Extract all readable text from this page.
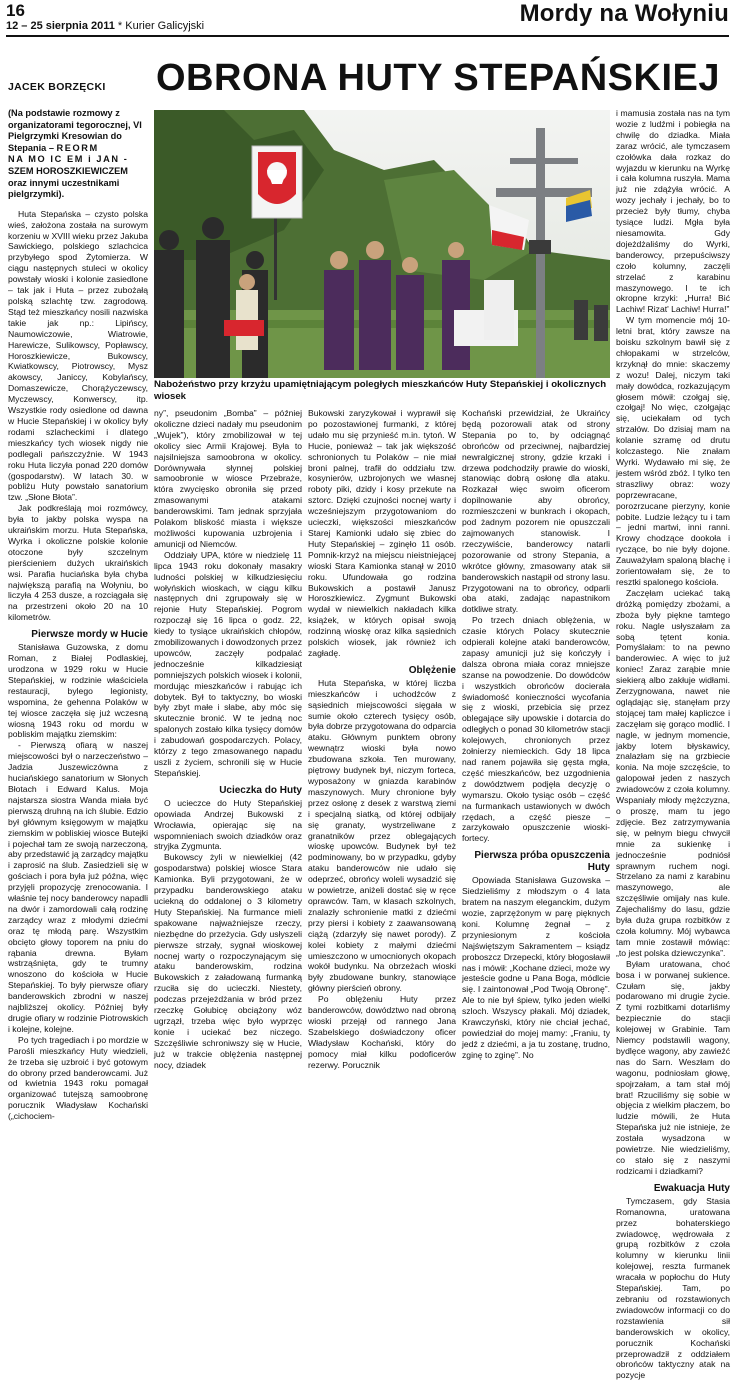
16
12 – 25 sierpnia 2011 * Kurier Galicyjski	Mordy na Wołyniu
JACEK BORZĘCKI OBRONA HUTY STEPAŃSKIEJ
Nabożeństwo przy krzyżu upamiętniającym poległych mieszkańców Huty Stepańskiej i okolicznych wiosek
(Na podstawie rozmowy z organizatorami tegorocznej, VI Pielgrzymki Kresowian do Stepania – REORM
NA MO IC EM i JAN -
SZEM HOROSZKIEWICZEM oraz innymi uczestnikami pielgrzymki).

Huta Stepańska – czysto polska wieś, założona została na surowym korzeniu w XVIII wieku przez Jakuba Sawickiego, polskiego szlachcica przybyłego spod Żytomierza. W ciągu następnych stuleci w okolicy powstały wioski i kolonie zasiedlone – tak jak i Huta – przez zubożałą polską szlachtę tzw. zagrodową. Stąd też mieszkańcy nosili nazwiska takie jak np.: Lipińscy, Naumowiczowie, Wiatrowie, Harewicze, Sulikowscy, Popławscy, Horoszkiewicze, Bukowscy, Kwiatkowscy, Piotrowscy, Mysz akowscy, Janiccy, Kobylańscy, Domaszewicze, Chorążyczewscy, Myczewscy, Konwerscy, itp. Wszystkie rody osiedlone od dawna w Hucie Stepańskiej i w okolicy były rodami szlacheckimi i dlatego mieszkańcy tych wiosek nigdy nie podlegali pańszczyźnie. W 1943 roku Huta liczyła ponad 220 domów (gospodarstw). W latach 30. w pobliżu Huty powstało sanatorium tzw. „Słone Błota”.

Jak podkreślają moi rozmówcy, była to jakby polska wyspa na ukraińskim morzu. Huta Stepańska, Wyrka i okoliczne polskie kolonie otoczone były szczelnym pierścieniem dużych ukraińskich wsi. Parafia huciańska była chyba największą parafią na Wołyniu, bo liczyła 4 253 dusze, a rozciągała się na przestrzeni około 20 na 10 kilometrów.

Pierwsze mordy w Hucie

Stanisława Guzowska, z domu Roman, z Białej Podlaskiej, urodzona w 1929 roku w Hucie Stepańskiej, w rodzinie właściciela restauracji, bylego legionisty, wspomina, że gehenna Polaków w tej wiosce zaczęła się już wczesną wiosną 1943 roku od mordu w pobliskim majątku ziemskim:

- Pierwszą ofiarą w naszej miejscowości był o narzeczeństwo – Jadzia Juszewiczówna z huciańskiego sanatorium w Słonych Błotach i Edward Kalus. Moja najstarsza siostra Wanda miała być pierwszą druhną na ich ślubie. Edzio był głównym księgowym w majątku ziemskim w pobliskiej wiosce Butejki i pojechał tam ze swoją narzeczoną, aby przedstawić ją zarządcy majątku i zaprosić na ślub. Zasiedzieli się w gościach i pora była już późna, więc przyjęli propozycję zrenocowania. I właśnie tej nocy banderowcy napadli na dwór i zamordowali całą rodzinę zarządcy wraz z młodymi dziećmi oraz tę młodą parę. Wszystkim obcięto głowy toporem na pniu do rąbania drewna. Byłam wstrząśnięta, gdy te trumny wnoszono do kościoła w Hucie Stepańskiej. To były pierwsze ofiary banderowskich zbrodni w naszej najbliższej okolicy. Później były drugie ofiary w rodzinie Piotrowskich i kolejne, kolejne.

Po tych tragediach i po mordzie w Parośli mieszkańcy Huty wiedzieli, że trzeba się uzbroić i być gotowym do obrony przed banderowcami. Już od kwietnia 1943 roku pomagał organizować tutejszą samoobronę porucznik Władysław Kochański („cichociem-

ny”, pseudonim „Bomba” – później okoliczne dzieci nadały mu pseudonim „Wujek”), który zmobilizował w tej okolicy siec Armii Krajowej. Była to najsilniejsza samoobrona w okolicy. Dorównywała słynnej polskiej samoobronie w wiosce Przebraże, która zwycięsko obroniła się przed zmasowanymi atakami banderowskimi. Tam jednak sprzyjała Polakom bliskość miasta i większe możliwości kupowania uzbrojenia i amunicji od Niemców.

Oddziały UPA, które w niedzielę 11 lipca 1943 roku dokonały masakry ludności polskiej w kilkudziesięciu wołyńskich wioskach, w ciągu kilku następnych dni zgrupowały się w rejonie Huty Stepańskiej. Pogrom rozpoczął się 16 lipca o godz. 22, kiedy to tysiące ukraińskich chłopów, zmobilizowanych i dowodzonych przez upowców, zaczęły podpalać jednocześnie kilkadziesiąt pomniejszych polskich wiosek i kolonii, mordując mieszkańców i rabując ich dobytek. Był to taktyczny, bo wioski były zbyt małe i słabe, aby móc się skutecznie bronić. W te jedną noc spalonych zostało kilka tysięcy domów i zabudowań gospodarczych. Polacy, którzy z tego zmasowanego napadu uszli z życiem, schronili się w Hucie Stepańskiej.

Ucieczka do Huty

O ucieczce do Huty Stepańskiej opowiada Andrzej Bukowski z Wrocławia, opierając się na wspomnieniach swoich dziadków oraz stryjka Zygmunta.

Bukowscy żyli w niewielkiej (42 gospodarstwa) polskiej wiosce Stara Kamionka. Byli przygotowani, że w przypadku banderowskiego ataku uciekną do oddalonej o 3 kilometry Huty Stepańskiej. Na furmance mieli spakowane najważniejsze rzeczy, niezbędne do przeżycia. Gdy usłyszeli pierwsze strzały, sygnał wioskowej nocnej warty o rozpoczynającym się ataku banderowskim, rodzina Bukowskich z załadowaną furmanką rzuciła się do ucieczki. Niestety, podczas przejeżdżania w bród przez rzeczkę Gołubicę obciążony wóz ugrzązł, trzeba więc było wyprzęc konie i uciekać bez niczego. Szczęśliwie schroniwszy się w Hucie, już w trakcie oblężenia następnej nocy, dziadek

Bukowski zaryzykował i wyprawił się po pozostawionej furmanki, z której udało mu się przynieść m.in. tytoń. W Hucie, ponieważ – tak jak większość schronionych tu Polaków – nie miał broni palnej, trafił do oddziału tzw. kosynierów, uzbrojonych we własnej roboty piki, dzidy i kosy przekute na sztorc. Dzięki czujności nocnej warty i wcześniejszym przygotowaniom do ucieczki, większości mieszkańców Starej Kamionki udało się zbiec do Huty Stepańskiej – zginęło 11 osób. Pomnik-krzyż na miejscu nieistniejącej wioski Stara Kamionka stanął w 2010 roku. Ufundowała go rodzina Bukowskich a postawił Janusz Horoszkiewicz. Zygmunt Bukowski wydał w niewielkich nakładach kilka książek, w których opisał swoją rodzinną wioskę oraz kilka sąsiednich polskich wiosek, jak również ich zagładę.

Oblężenie

Huta Stepańska, w której liczba mieszkańców i uchodźców z sąsiednich miejscowości sięgała w sumie około czterech tysięcy osób, była dobrze przygotowana do odparcia ataku. Głównym punktem obrony wewnątrz wioski była nowo zbudowana szkoła. Ten murowany, piętrowy budynek był, niczym forteca, wyposażony w gniazda karabinów maszynowych. Mury chronione były przez osłonę z desek z warstwą ziemi i specjalną siatką, od której odbijały się granaty, wystrzeliwane z granatników przez oblegających wioskę upowców. Budynek był też podminowany, bo w przypadku, gdyby ataku banderowców nie udało się odeprzeć, obrońcy woleli wysadzić się w powietrze, aniżeli dostać się w ręce oprawców. Tam, w klasach szkolnych, znalazły schronienie matki z dziećmi przy piersi i kobiety z zaawansowaną ciążą (zdarzyły się nawet porody). Z kolei kobiety z małymi dziećmi umieszczono w umocnionych okopach wokół budynku. Na obrzeżach wioski były zbudowane bunkry, stanowiące główny pierścień obrony.

Po oblężeniu Huty przez banderowców, dowództwo nad obroną wioski przejął od rannego Jana Szabelskiego doświadczony oficer Władysław Kochański, który do pomocy miał kilku podoficerów rezerwy. Porucznik

Kochański przewidział, że Ukraińcy będą pozorowali atak od strony Stepania po to, by odciągnąć obrońców od przeciwnej, najbardziej newralgicznej strony, gdzie krzaki i drzewa podchodziły prawie do wioski, stanowiąc dobrą osłonę dla ataku. Rozkazał więc swoim oficerom dopilnowanie aby obrońcy, rozmieszczeni w bunkrach i okopach, pod żadnym pozorem nie opuszczali zajmowanych stanowisk. I rzeczywiście, banderowcy natarli pozorowanie od strony Stepania, a wkrótce główny, zmasowany atak sił banderowskich nastąpił od strony lasu. Przygotowani na to obrońcy, odparli oba ataki, zadając napastnikom dotkliwe straty.

Po trzech dniach oblężenia, w czasie których Polacy skutecznie odpierali kolejne ataki banderowców, zapasy amunicji już się kończyły i dalsza obrona miała coraz mniejsze szanse na powodzenie. Do dowódców i wszystkich obrońców docierała świadomość konieczności wycofania się z wioski, przebicia się przez oblegające siły upowskie i dotarcia do odległych o ponad 30 kilometrów stacji kolejowych, chronionych przez żołnierzy niemieckich. Gdy 18 lipca nad ranem pojawiła się gęsta mgła, część mieszkańców, bez uzgodnienia z dowództwem podjęła decyzję o wymarszu. Około tysiąc osób – część na furmankach ustawionych w dwóch rzędach, a część piesze – zarzykowało opuszczenie wioski-fortecy.

Pierwsza próba opuszczenia Huty

Opowiada Stanisława Guzowska – Siedzieliśmy z młodszym o 4 lata bratem na naszym eleganckim, dużym wozie, zaprzężonym w parę pięknych koni. Kolumnę żegnał – z przyniesionym z kościoła Najświętszym Sakramentem – ksiądz proboszcz Drzepecki, który błogosławił nas i mówił: „Kochane dzieci, może wy jesteście godne u Pana Boga, módlcie się. I zaintonował „Pod Twoją Obronę”. Ale to nie był śpiew, tylko jeden wielki szloch. Wszyscy płakali. Mój dziadek, Krawczyński, który nie chciał jechać, powiedział do mojej mamy: „Franiu, ty jedź z dziećmi, a ja tu zostanę, trudno, zginę to zginę”. No

i mamusia została nas na tym wozie z ludźmi i pobiegła na chwilę do dziadka. Miała zaraz wrócić, ale tymczasem czołówka dała rozkaz do wyjazdu w kierunku na Wyrkę i cała kolumna ruszyła. Mama już nie zdążyła wrócić. A wozy jechały i jechały, bo to przecież były tłumy, chyba tysiące ludzi. Mgła była niesamowita. Gdy dojeżdżaliśmy do Wyrki, banderowcy, przepuściwszy czoło kolumny, zaczęli strzelać z karabinu maszynowego. I te ich okropne krzyki: „Hurra! Bić Lachiw! Rizat' Lachiw! Hurra!”

W tym momencie mój 10-letni brat, który zawsze na boisku szkolnym bawił się z chłopakami w strzelców, krzyknął do mnie: skaczemy z wozu! Dalej, niczym taki mały dowódca, rozkazującym głosem mówił: czołgaj się, czołgaj! No więc, czołgając się, uciekałam od tych strzałów. Do dzisiaj mam na kolanie szramę od drutu kolczastego. Nie znałam Wyrki. Wydawało mi się, że jestem wśród zbóż. I tylko ten straszliwy obraz: wozy poprzewracane, porozrzucane pierzyny, konie pobite. Ludzie leżący tu i tam – jedni martwi, inni ranni. Krowy chodzące dookoła i ryczące, bo nie były dojone. Zauważyłam spaloną blachę i zorientowałam się, że to resztki spalonego kościoła.

Zaczęłam uciekać taką dróżką pomiędzy zbożami, a zboża były piękne tamtego roku. Nagle usłyszałam za sobą tętent konia. Pomyślałam: to na pewno banderowiec. A więc to już koniec! Zaraz zarąbie mnie siekierą albo zakłuje widłami. Zerzygnowana, nawet nie oglądając się, stanęłam przy stojącej tam małej kapliczce i zaczęłam się gorąco modlić. I nagle, w jednym momencie, jakby lotem błyskawicy, znalazłam się na grzbiecie konia. Na moje szczęście, to galopował jeden z naszych zwiadowców z czoła kolumny. Wspaniały młody mężczyzna, o proszę, mam tu jego zdjęcie. Bez zatrzymywania się, w pełnym biegu chwycił mnie za sukienkę i jednocześnie podniósł sprawnym ruchem nogi. Strzelano za nami z karabinu maszynowego, ale szczęśliwie omijały nas kule. Zajechaliśmy do lasu, gdzie była duża grupa rozbitków z czoła kolumny. Mój wybawca tam mnie zostawił mówiąc: „to jest polska dziewczynka”.

Byłam uratowana, choć bosa i w porwanej sukience. Czułam się, jakby podarowano mi drugie życie. Z tymi rozbitkami dotarliśmy bezpiecznie do stacji kolejowej w Grabinie. Tam Niemcy podstawili wagony, bydlęce wagony, aby zawieźć nas do Sarn. Weszłam do wagonu, podniosłam głowę, spojrzałam, a tam stał mój brat! Rzuciliśmy się sobie w objęcia z wielkim płaczem, bo ludzie mówili, że Huta Stepańska już nie istnieje, że została wysadzona w powietrze. Nie wiedzieliśmy, co stało się z naszymi rodzicami i dziadkami?

Ewakuacja Huty

Tymczasem, gdy Stasia Romanowna, uratowana przez bohaterskiego zwiadowcę, wędrowała z grupą rozbitków z czoła kolumny w kierunku linii kolejowej, reszta furmanek wracała w popłochu do Huty Stepańskiej. Tam, po zebraniu od rozstawionych zwiadowców informacji co do rozstawienia sił banderowskich w okolicy, porucznik Kochański przeprowadził z oddziałem obrońców taktyczny atak na pozycje
